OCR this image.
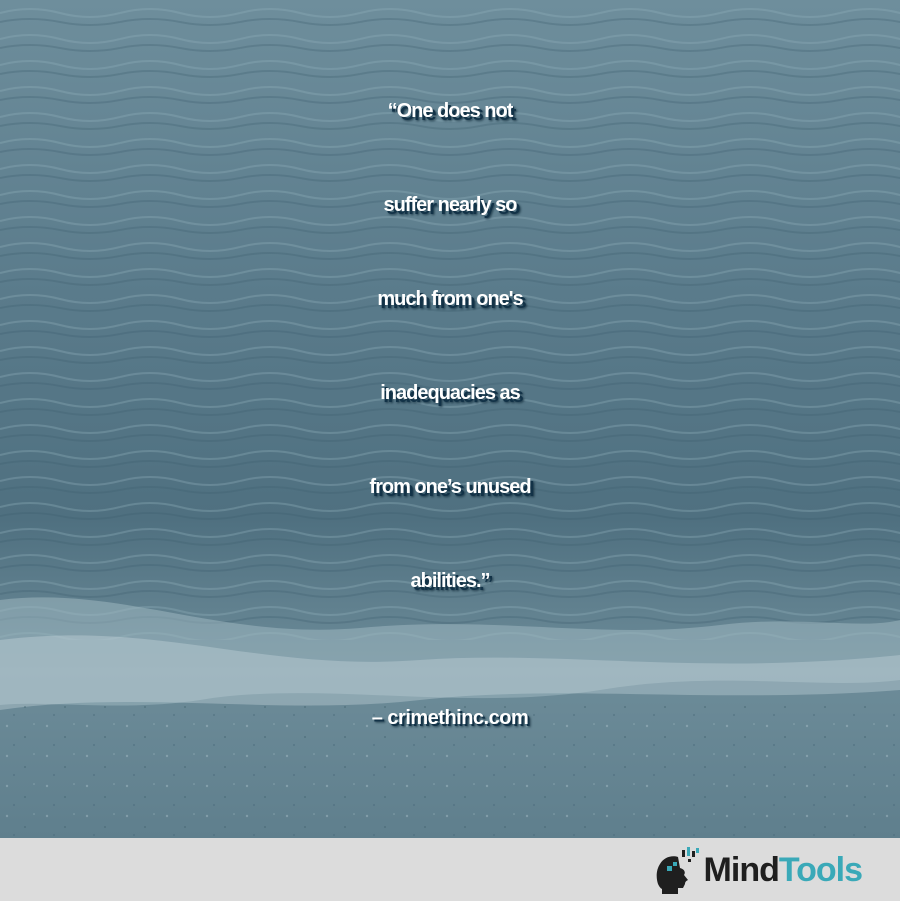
“One does not
suffer nearly so
much from one's
inadequacies as
from one’s unused
abilities.”
– crimethinc.com
MindTools
